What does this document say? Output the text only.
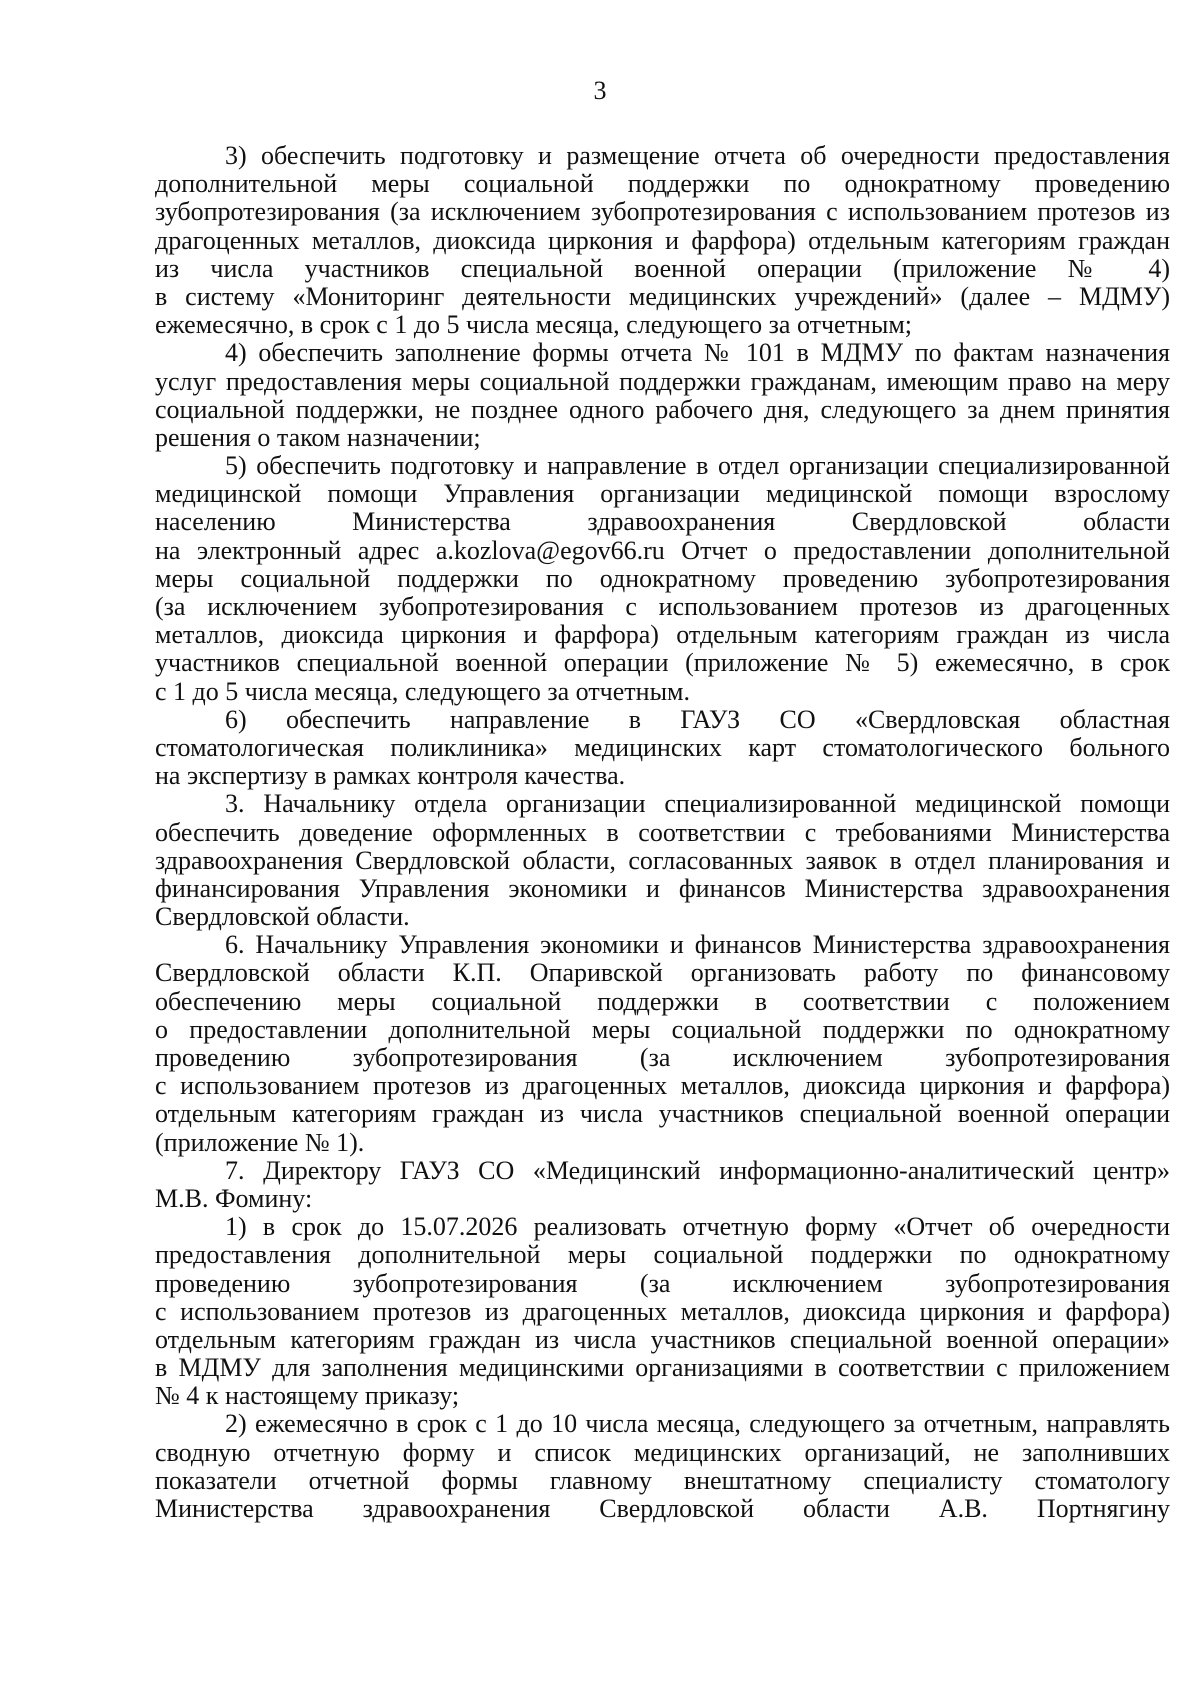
3
3) обеспечить подготовку и размещение отчета об очередности предоставления
дополнительной меры социальной поддержки по однократному проведению
зубопротезирования (за исключением зубопротезирования с использованием протезов из
драгоценных металлов, диоксида циркония и фарфора) отдельным категориям граждан
из числа участников специальной военной операции (приложение № 4)
в систему «Мониторинг деятельности медицинских учреждений» (далее – МДМУ)
ежемесячно, в срок с 1 до 5 числа месяца, следующего за отчетным;
4) обеспечить заполнение формы отчета № 101 в МДМУ по фактам назначения
услуг предоставления меры социальной поддержки гражданам, имеющим право на меру
социальной поддержки, не позднее одного рабочего дня, следующего за днем принятия
решения о таком назначении;
5) обеспечить подготовку и направление в отдел организации специализированной
медицинской помощи Управления организации медицинской помощи взрослому
населению Министерства здравоохранения Свердловской области
на электронный адрес a.kozlova@egov66.ru Отчет о предоставлении дополнительной
меры социальной поддержки по однократному проведению зубопротезирования
(за исключением зубопротезирования с использованием протезов из драгоценных
металлов, диоксида циркония и фарфора) отдельным категориям граждан из числа
участников специальной военной операции (приложение № 5) ежемесячно, в срок
с 1 до 5 числа месяца, следующего за отчетным.
6) обеспечить направление в ГАУЗ СО «Свердловская областная
стоматологическая поликлиника» медицинских карт стоматологического больного
на экспертизу в рамках контроля качества.
3. Начальнику отдела организации специализированной медицинской помощи
обеспечить доведение оформленных в соответствии с требованиями Министерства
здравоохранения Свердловской области, согласованных заявок в отдел планирования и
финансирования Управления экономики и финансов Министерства здравоохранения
Свердловской области.
6. Начальнику Управления экономики и финансов Министерства здравоохранения
Свердловской области К.П. Опаривской организовать работу по финансовому
обеспечению меры социальной поддержки в соответствии с положением
о предоставлении дополнительной меры социальной поддержки по однократному
проведению зубопротезирования (за исключением зубопротезирования
с использованием протезов из драгоценных металлов, диоксида циркония и фарфора)
отдельным категориям граждан из числа участников специальной военной операции
(приложение № 1).
7. Директору ГАУЗ СО «Медицинский информационно-аналитический центр»
М.В. Фомину:
1) в срок до 15.07.2026 реализовать отчетную форму «Отчет об очередности
предоставления дополнительной меры социальной поддержки по однократному
проведению зубопротезирования (за исключением зубопротезирования
с использованием протезов из драгоценных металлов, диоксида циркония и фарфора)
отдельным категориям граждан из числа участников специальной военной операции»
в МДМУ для заполнения медицинскими организациями в соответствии с приложением
№ 4 к настоящему приказу;
2) ежемесячно в срок с 1 до 10 числа месяца, следующего за отчетным, направлять
сводную отчетную форму и список медицинских организаций, не заполнивших
показатели отчетной формы главному внештатному специалисту стоматологу
Министерства здравоохранения Свердловской области А.В. Портнягину
